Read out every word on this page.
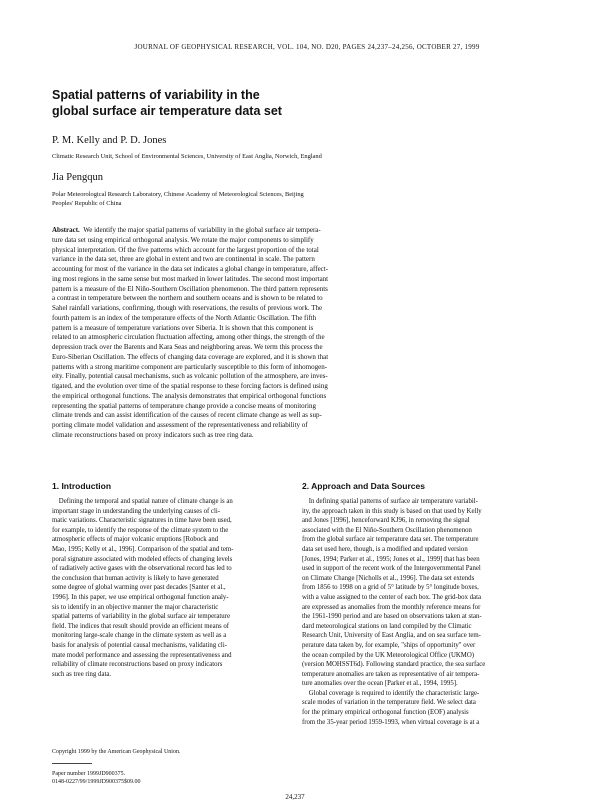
JOURNAL OF GEOPHYSICAL RESEARCH, VOL. 104, NO. D20, PAGES 24,237–24,256, OCTOBER 27, 1999
Spatial patterns of variability in the
global surface air temperature data set
P. M. Kelly and P. D. Jones
Climatic Research Unit, School of Environmental Sciences, University of East Anglia, Norwich, England
Jia Pengqun
Polar Meteorological Research Laboratory, Chinese Academy of Meteorological Sciences, Beijing
Peoples' Republic of China
Abstract. We identify the major spatial patterns of variability in the global surface air tempera-
ture data set using empirical orthogonal analysis. We rotate the major components to simplify
physical interpretation. Of the five patterns which account for the largest proportion of the total
variance in the data set, three are global in extent and two are continental in scale. The pattern
accounting for most of the variance in the data set indicates a global change in temperature, affect-
ing most regions in the same sense but most marked in lower latitudes. The second most important
pattern is a measure of the El Niño-Southern Oscillation phenomenon. The third pattern represents
a contrast in temperature between the northern and southern oceans and is shown to be related to
Sahel rainfall variations, confirming, though with reservations, the results of previous work. The
fourth pattern is an index of the temperature effects of the North Atlantic Oscillation. The fifth
pattern is a measure of temperature variations over Siberia. It is shown that this component is
related to an atmospheric circulation fluctuation affecting, among other things, the strength of the
depression track over the Barents and Kara Seas and neighboring areas. We term this process the
Euro-Siberian Oscillation. The effects of changing data coverage are explored, and it is shown that
patterns with a strong maritime component are particularly susceptible to this form of inhomogen-
eity. Finally, potential causal mechanisms, such as volcanic pollution of the atmosphere, are inves-
tigated, and the evolution over time of the spatial response to these forcing factors is defined using
the empirical orthogonal functions. The analysis demonstrates that empirical orthogonal functions
representing the spatial patterns of temperature change provide a concise means of monitoring
climate trends and can assist identification of the causes of recent climate change as well as sup-
porting climate model validation and assessment of the representativeness and reliability of
climate reconstructions based on proxy indicators such as tree ring data.
1. Introduction	2. Approach and Data Sources
Defining the temporal and spatial nature of climate change is an
important stage in understanding the underlying causes of cli-
matic variations. Characteristic signatures in time have been used,
for example, to identify the response of the climate system to the
atmospheric effects of major volcanic eruptions [Robock and
Mao, 1995; Kelly et al., 1996]. Comparison of the spatial and tem-
poral signature associated with modeled effects of changing levels
of radiatively active gases with the observational record has led to
the conclusion that human activity is likely to have generated
some degree of global warming over past decades [Santer et al.,
1996]. In this paper, we use empirical orthogonal function analy-
sis to identify in an objective manner the major characteristic
spatial patterns of variability in the global surface air temperature
field. The indices that result should provide an efficient means of
monitoring large-scale change in the climate system as well as a
basis for analysis of potential causal mechanisms, validating cli-
mate model performance and assessing the representativeness and
reliability of climate reconstructions based on proxy indicators
such as tree ring data.
In defining spatial patterns of surface air temperature variabil-
ity, the approach taken in this study is based on that used by Kelly
and Jones [1996], henceforward KJ96, in removing the signal
associated with the El Niño-Southern Oscillation phenomenon
from the global surface air temperature data set. The temperature
data set used here, though, is a modified and updated version
[Jones, 1994; Parker et al., 1995; Jones et al., 1999] that has been
used in support of the recent work of the Intergovernmental Panel
on Climate Change [Nicholls et al., 1996]. The data set extends
from 1856 to 1998 on a grid of 5° latitude by 5° longitude boxes,
with a value assigned to the center of each box. The grid-box data
are expressed as anomalies from the monthly reference means for
the 1961-1990 period and are based on observations taken at stan-
dard meteorological stations on land compiled by the Climatic
Research Unit, University of East Anglia, and on sea surface tem-
perature data taken by, for example, "ships of opportunity" over
the ocean compiled by the UK Meteorological Office (UKMO)
(version MOHSST6d). Following standard practice, the sea surface
temperature anomalies are taken as representative of air tempera-
ture anomalies over the ocean [Parker et al., 1994, 1995].
Global coverage is required to identify the characteristic large-
scale modes of variation in the temperature field. We select data
for the primary empirical orthogonal function (EOF) analysis
from the 35-year period 1959-1993, when virtual coverage is at a
Copyright 1999 by the American Geophysical Union.
Paper number 1999JD900375.
0148-0227/99/1999JD900375$09.00
24,237
